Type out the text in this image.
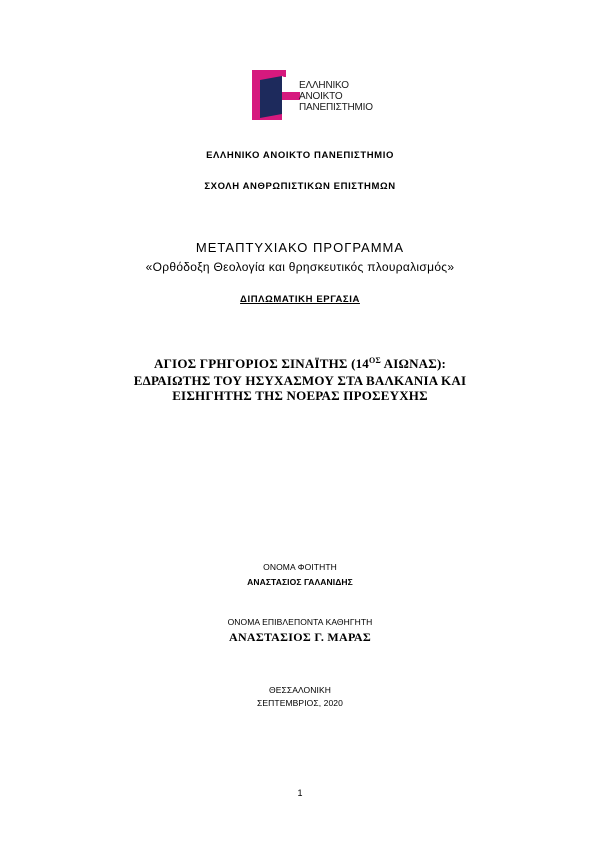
ΕΛΛΗΝΙΚΟ
ΑΝΟΙΚΤΟ
ΠΑΝΕΠΙΣΤΗΜΙΟ
ΕΛΛΗΝΙΚΟ ΑΝΟΙΚΤΟ ΠΑΝΕΠΙΣΤΗΜΙΟ
ΣΧΟΛΗ ΑΝΘΡΩΠΙΣΤΙΚΩΝ ΕΠΙΣΤΗΜΩΝ
ΜΕΤΑΠΤΥΧΙΑΚΟ ΠΡΟΓΡΑΜΜΑ
«Ορθόδοξη Θεολογία και θρησκευτικός πλουραλισμός»
ΔΙΠΛΩΜΑΤΙΚΗ ΕΡΓΑΣΙΑ
ΑΓΙΟΣ ΓΡΗΓΟΡΙΟΣ ΣΙΝΑΪΤΗΣ ($14^{O\Sigma}$ ΑΙΩΝΑΣ):
ΕΔΡΑΙΩΤΗΣ ΤΟΥ ΗΣΥΧΑΣΜΟΥ ΣΤΑ ΒΑΛΚΑΝΙΑ ΚΑΙ
ΕΙΣΗΓΗΤΗΣ ΤΗΣ ΝΟΕΡΑΣ ΠΡΟΣΕΥΧΗΣ
ΟΝΟΜΑ ΦΟΙΤΗΤΗ
ΑΝΑΣΤΑΣΙΟΣ ΓΑΛΑΝΙΔΗΣ
ΟΝΟΜΑ ΕΠΙΒΛΕΠΟΝΤΑ ΚΑΘΗΓΗΤΗ
ΑΝΑΣΤΑΣΙΟΣ Γ. ΜΑΡΑΣ
ΘΕΣΣΑΛΟΝΙΚΗ
ΣΕΠΤΕΜΒΡΙΟΣ, 2020
1
